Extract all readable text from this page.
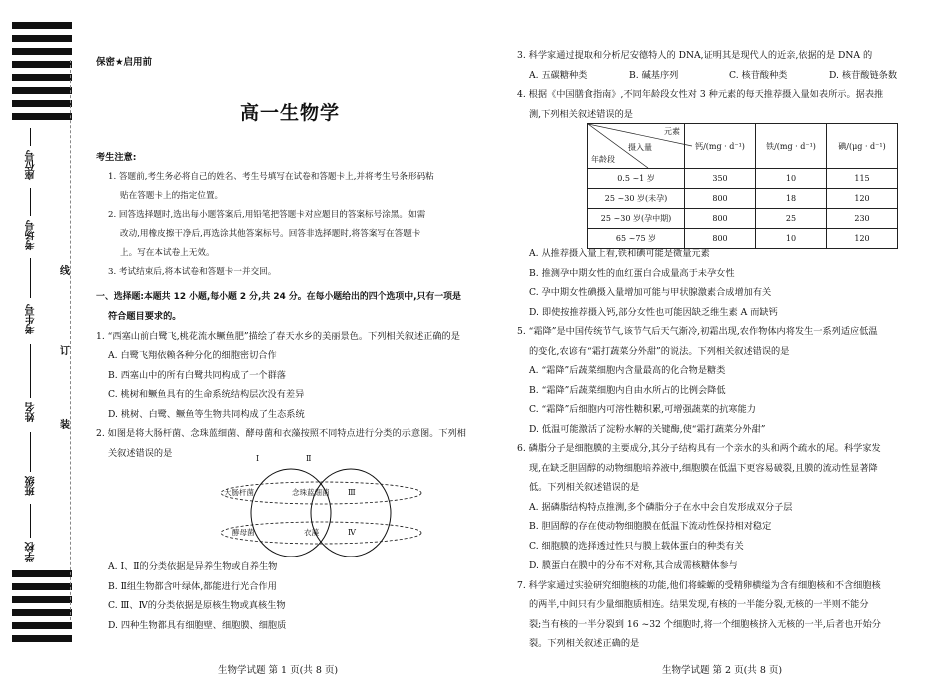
座位号
考场号
考生号
姓名
班级
学校
线
订
装
保密★启用前
高一生物学

考生注意:

1. 答题前,考生务必将自己的姓名、考生号填写在试卷和答题卡上,并将考生号条形码粘

贴在答题卡上的指定位置。

2. 回答选择题时,选出每小题答案后,用铅笔把答题卡对应题目的答案标号涂黑。如需

改动,用橡皮擦干净后,再选涂其他答案标号。回答非选择题时,将答案写在答题卡

上。写在本试卷上无效。

3. 考试结束后,将本试卷和答题卡一并交回。

一、选择题:本题共 12 小题,每小题 2 分,共 24 分。在每小题给出的四个选项中,只有一项是

符合题目要求的。

1. “西塞山前白鹭飞,桃花流水鳜鱼肥”描绘了春天水乡的美丽景色。下列相关叙述正确的是

A. 白鹭飞翔依赖各种分化的细胞密切合作

B. 西塞山中的所有白鹭共同构成了一个群落

C. 桃树和鳜鱼具有的生命系统结构层次没有差异

D. 桃树、白鹭、鳜鱼等生物共同构成了生态系统

2. 如图是将大肠杆菌、念珠蓝细菌、酵母菌和衣藻按照不同特点进行分类的示意图。下列相

关叙述错误的是	Ⅰ	Ⅱ
Ⅲ
Ⅳ
大肠杆菌	念珠蓝细菌
酵母菌	衣藻

A. Ⅰ、Ⅱ的分类依据是异养生物或自养生物

B. Ⅱ组生物都含叶绿体,都能进行光合作用

C. Ⅲ、Ⅳ的分类依据是原核生物或真核生物

D. 四种生物都具有细胞壁、细胞膜、细胞质

生物学试题 第 1 页(共 8 页)

3. 科学家通过提取和分析尼安德特人的 DNA,证明其是现代人的近亲,依据的是 DNA 的

A. 五碳糖种类	B. 碱基序列	C. 核苷酸种类	D. 核苷酸链条数

4. 根据《中国膳食指南》,不同年龄段女性对 3 种元素的每天推荐摄入量如表所示。据表推

测,下列相关叙述错误的是

A. 从推荐摄入量上看,铁和碘可能是微量元素

B. 推测孕中期女性的血红蛋白合成量高于未孕女性

C. 孕中期女性碘摄入量增加可能与甲状腺激素合成增加有关

D. 即使按推荐摄入钙,部分女性也可能因缺乏维生素 A 而缺钙

5. “霜降”是中国传统节气,该节气后天气渐冷,初霜出现,农作物体内将发生一系列适应低温

的变化,农谚有“霜打蔬菜分外甜”的说法。下列相关叙述错误的是

A. “霜降”后蔬菜细胞内含量最高的化合物是糖类

B. “霜降”后蔬菜细胞内自由水所占的比例会降低

C. “霜降”后细胞内可溶性糖积累,可增强蔬菜的抗寒能力

D. 低温可能激活了淀粉水解的关键酶,使“霜打蔬菜分外甜”

6. 磷脂分子是细胞膜的主要成分,其分子结构具有一个亲水的头和两个疏水的尾。科学家发

现,在缺乏胆固醇的动物细胞培养液中,细胞膜在低温下更容易破裂,且膜的流动性显著降

低。下列相关叙述错误的是

A. 据磷脂结构特点推测,多个磷脂分子在水中会自发形成双分子层

B. 胆固醇的存在使动物细胞膜在低温下流动性保持相对稳定

C. 细胞膜的选择透过性只与膜上载体蛋白的种类有关

D. 膜蛋白在膜中的分布不对称,其合成需核糖体参与

7. 科学家通过实验研究细胞核的功能,他们将蝾螈的受精卵横缢为含有细胞核和不含细胞核

的两半,中间只有少量细胞质相连。结果发现,有核的一半能分裂,无核的一半则不能分

裂;当有核的一半分裂到 16 ~32 个细胞时,将一个细胞核挤入无核的一半,后者也开始分

裂。下列相关叙述正确的是

元素
摄入量
年龄段	钙/(mg · d⁻¹)	铁/(mg · d⁻¹)	碘/(μg · d⁻¹)
0.5 ~1 岁	350	10	115
25 ~30 岁(未孕)	800	18	120
25 ~30 岁(孕中期)	800	25	230
65 ~75 岁	800	10	120
生物学试题 第 2 页(共 8 页)
